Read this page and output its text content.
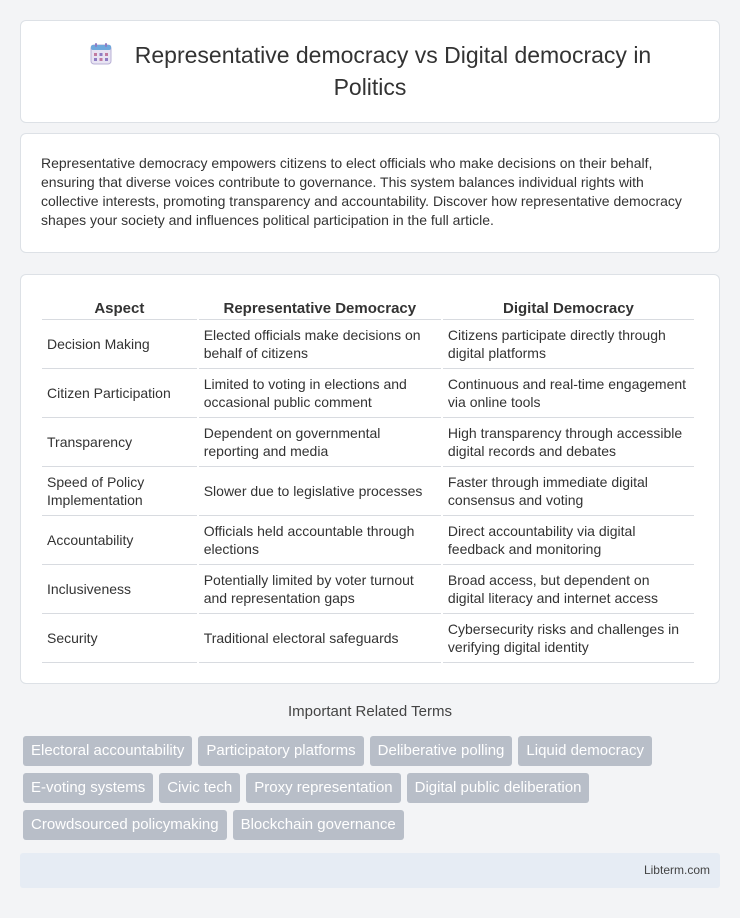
Representative democracy vs Digital democracy in Politics

Representative democracy empowers citizens to elect officials who make decisions on their behalf, ensuring that diverse voices contribute to governance. This system balances individual rights with collective interests, promoting transparency and accountability. Discover how representative democracy shapes your society and influences political participation in the full article.

Aspect	Representative Democracy	Digital Democracy
Decision Making	Elected officials make decisions on behalf of citizens	Citizens participate directly through digital platforms
Citizen Participation	Limited to voting in elections and occasional public comment	Continuous and real-time engagement via online tools
Transparency	Dependent on governmental reporting and media	High transparency through accessible digital records and debates
Speed of Policy Implementation	Slower due to legislative processes	Faster through immediate digital consensus and voting
Accountability	Officials held accountable through elections	Direct accountability via digital feedback and monitoring
Inclusiveness	Potentially limited by voter turnout and representation gaps	Broad access, but dependent on digital literacy and internet access
Security	Traditional electoral safeguards	Cybersecurity risks and challenges in verifying digital identity
Important Related Terms
Electoral accountability	Participatory platforms	Deliberative polling	Liquid democracy
E-voting systems	Civic tech	Proxy representation	Digital public deliberation
Crowdsourced policymaking	Blockchain governance
Libterm.com
